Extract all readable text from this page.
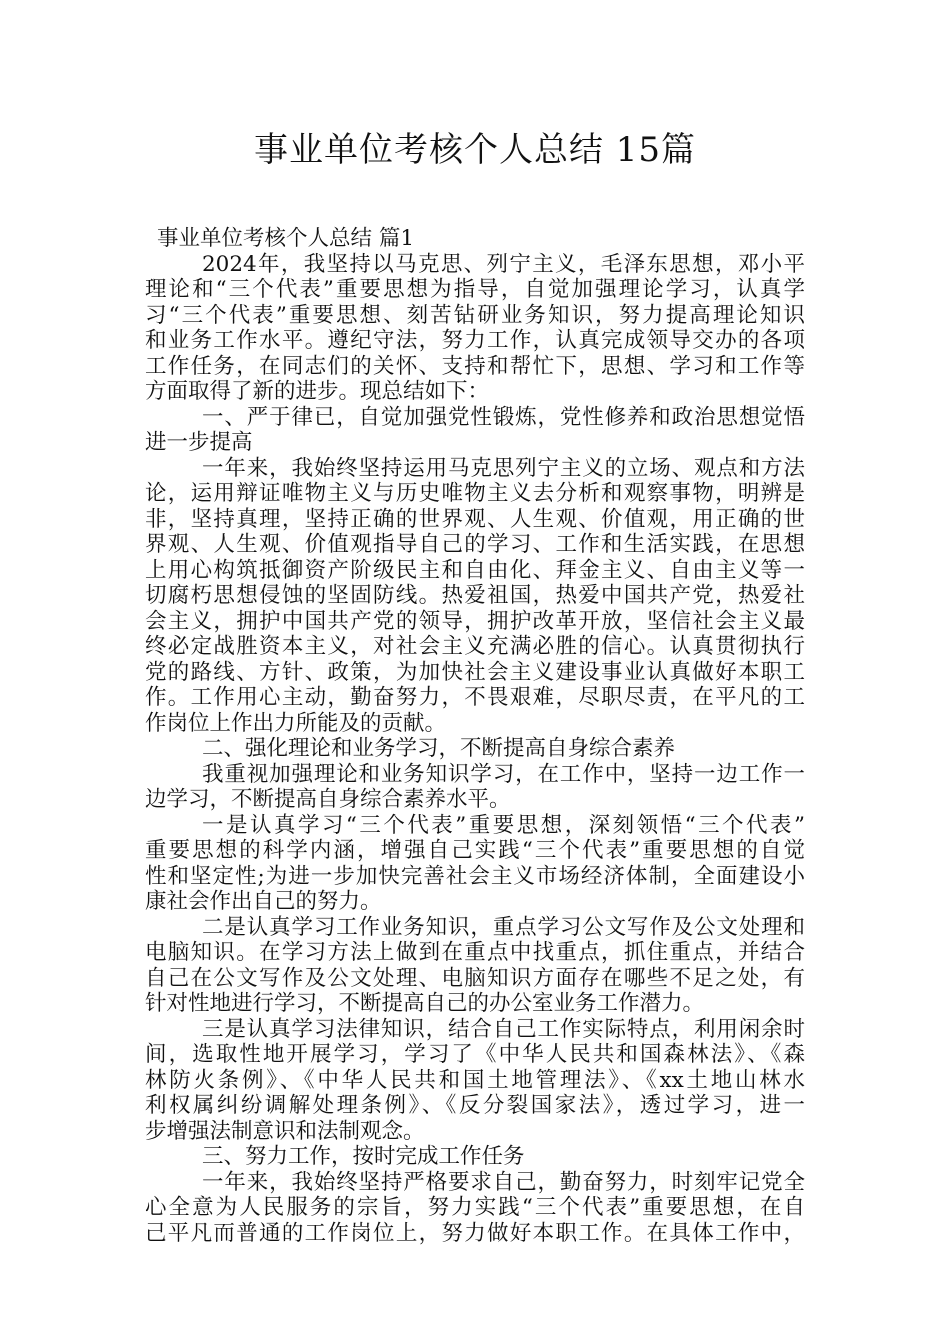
事业单位考核个人总结 15篇

事业单位考核个人总结 篇1

2024年，我坚持以马克思、列宁主义，毛泽东思想，邓小平

理论和“三个代表”重要思想为指导，自觉加强理论学习，认真学

习“三个代表”重要思想、刻苦钻研业务知识，努力提高理论知识

和业务工作水平。遵纪守法，努力工作，认真完成领导交办的各项

工作任务，在同志们的关怀、支持和帮忙下，思想、学习和工作等

方面取得了新的进步。现总结如下：

一、严于律已，自觉加强党性锻炼，党性修养和政治思想觉悟

进一步提高

一年来，我始终坚持运用马克思列宁主义的立场、观点和方法

论，运用辩证唯物主义与历史唯物主义去分析和观察事物，明辨是

非，坚持真理，坚持正确的世界观、人生观、价值观，用正确的世

界观、人生观、价值观指导自己的学习、工作和生活实践，在思想

上用心构筑抵御资产阶级民主和自由化、拜金主义、自由主义等一

切腐朽思想侵蚀的坚固防线。热爱祖国，热爱中国共产党，热爱社

会主义，拥护中国共产党的领导，拥护改革开放，坚信社会主义最

终必定战胜资本主义，对社会主义充满必胜的信心。认真贯彻执行

党的路线、方针、政策，为加快社会主义建设事业认真做好本职工

作。工作用心主动，勤奋努力，不畏艰难，尽职尽责，在平凡的工

作岗位上作出力所能及的贡献。

二、强化理论和业务学习，不断提高自身综合素养

我重视加强理论和业务知识学习，在工作中，坚持一边工作一

边学习，不断提高自身综合素养水平。

一是认真学习“三个代表”重要思想，深刻领悟“三个代表”

重要思想的科学内涵，增强自己实践“三个代表”重要思想的自觉

性和坚定性;为进一步加快完善社会主义市场经济体制，全面建设小

康社会作出自己的努力。

二是认真学习工作业务知识，重点学习公文写作及公文处理和

电脑知识。在学习方法上做到在重点中找重点，抓住重点，并结合

自己在公文写作及公文处理、电脑知识方面存在哪些不足之处，有

针对性地进行学习，不断提高自己的办公室业务工作潜力。

三是认真学习法律知识，结合自己工作实际特点，利用闲余时

间，选取性地开展学习，学习了《中华人民共和国森林法》、《森

林防火条例》、《中华人民共和国土地管理法》、《xx土地山林水

利权属纠纷调解处理条例》、《反分裂国家法》，透过学习，进一

步增强法制意识和法制观念。

三、努力工作，按时完成工作任务

一年来，我始终坚持严格要求自己，勤奋努力，时刻牢记党全

心全意为人民服务的宗旨，努力实践“三个代表”重要思想，在自

己平凡而普通的工作岗位上，努力做好本职工作。在具体工作中，
